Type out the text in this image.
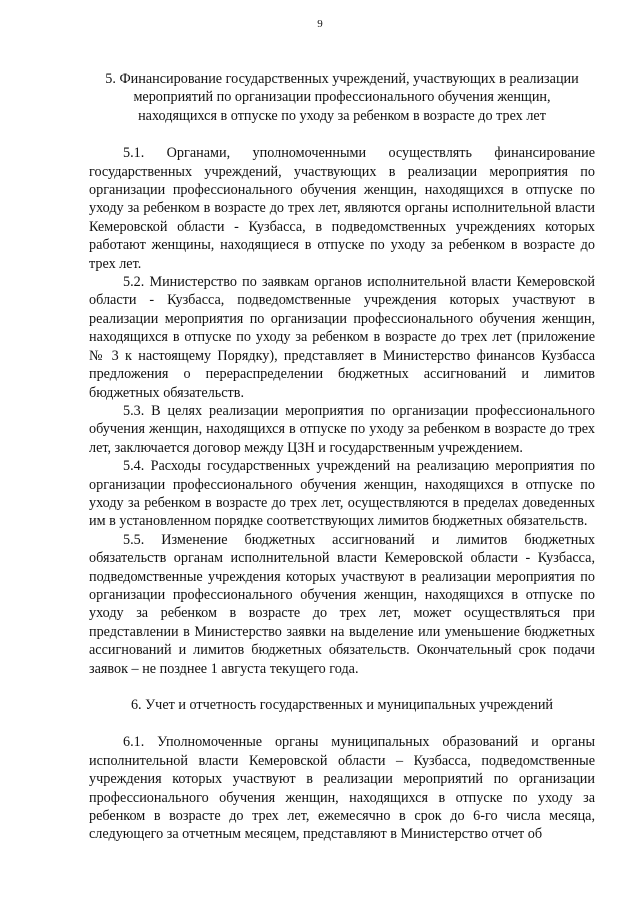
9

5. Финансирование государственных учреждений, участвующих в реализации мероприятий по организации профессионального обучения женщин, находящихся в отпуске по уходу за ребенком в возрасте до трех лет

5.1. Органами, уполномоченными осуществлять финансирование государственных учреждений, участвующих в реализации мероприятия по организации профессионального обучения женщин, находящихся в отпуске по уходу за ребенком в возрасте до трех лет, являются органы исполнительной власти Кемеровской области - Кузбасса, в подведомственных учреждениях которых работают женщины, находящиеся в отпуске по уходу за ребенком в возрасте до трех лет.

5.2. Министерство по заявкам органов исполнительной власти Кемеровской области - Кузбасса, подведомственные учреждения которых участвуют в реализации мероприятия по организации профессионального обучения женщин, находящихся в отпуске по уходу за ребенком в возрасте до трех лет (приложение № 3 к настоящему Порядку), представляет в Министерство финансов Кузбасса предложения о перераспределении бюджетных ассигнований и лимитов бюджетных обязательств.

5.3. В целях реализации мероприятия по организации профессионального обучения женщин, находящихся в отпуске по уходу за ребенком в возрасте до трех лет, заключается договор между ЦЗН и государственным учреждением.

5.4. Расходы государственных учреждений на реализацию мероприятия по организации профессионального обучения женщин, находящихся в отпуске по уходу за ребенком в возрасте до трех лет, осуществляются в пределах доведенных им в установленном порядке соответствующих лимитов бюджетных обязательств.

5.5. Изменение бюджетных ассигнований и лимитов бюджетных обязательств органам исполнительной власти Кемеровской области - Кузбасса, подведомственные учреждения которых участвуют в реализации мероприятия по организации профессионального обучения женщин, находящихся в отпуске по уходу за ребенком в возрасте до трех лет, может осуществляться при представлении в Министерство заявки на выделение или уменьшение бюджетных ассигнований и лимитов бюджетных обязательств. Окончательный срок подачи заявок – не позднее 1 августа текущего года.

6. Учет и отчетность государственных и муниципальных учреждений

6.1. Уполномоченные органы муниципальных образований и органы исполнительной власти Кемеровской области – Кузбасса, подведомственные учреждения которых участвуют в реализации мероприятий по организации профессионального обучения женщин, находящихся в отпуске по уходу за ребенком в возрасте до трех лет, ежемесячно в срок до 6-го числа месяца, следующего за отчетным месяцем, представляют в Министерство отчет об
